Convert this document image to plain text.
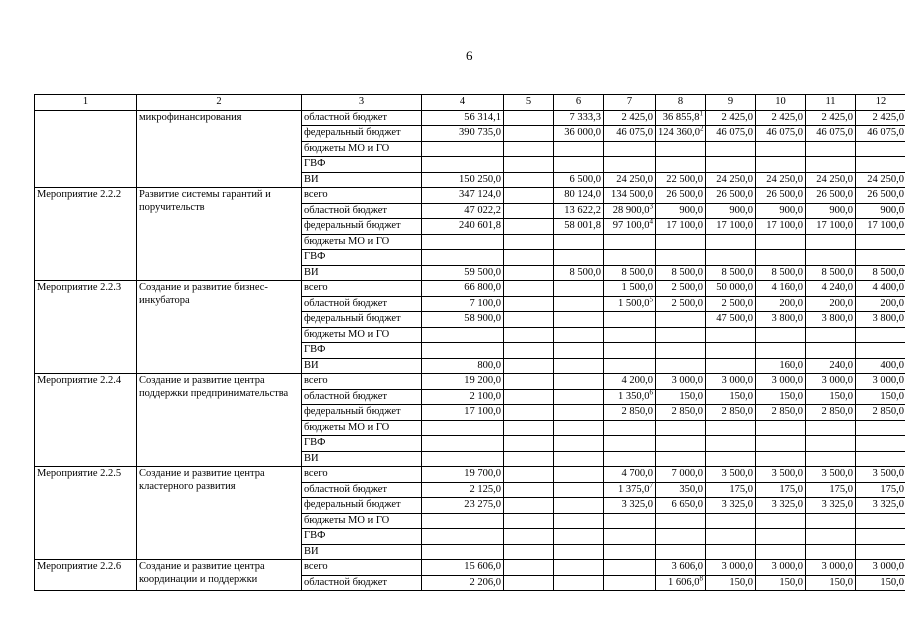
6
1	2	3	4	5	6	7	8	9	10	11	12
	микрофинансирования	областной бюджет	56 314,1		7 333,3	2 425,0	36 855,8$^1$	2 425,0	2 425,0	2 425,0	2 425,0
		федеральный бюджет	390 735,0		36 000,0	46 075,0	124 360,0$^2$	46 075,0	46 075,0	46 075,0	46 075,0
		бюджеты МО и ГО									
		ГВФ									
		ВИ	150 250,0		6 500,0	24 250,0	22 500,0	24 250,0	24 250,0	24 250,0	24 250,0
Мероприятие 2.2.2	Развитие системы гарантий и поручительств	всего	347 124,0		80 124,0	134 500,0	26 500,0	26 500,0	26 500,0	26 500,0	26 500,0
		областной бюджет	47 022,2		13 622,2	28 900,0$^3$	900,0	900,0	900,0	900,0	900,0
		федеральный бюджет	240 601,8		58 001,8	97 100,0$^4$	17 100,0	17 100,0	17 100,0	17 100,0	17 100,0
		бюджеты МО и ГО									
		ГВФ									
		ВИ	59 500,0		8 500,0	8 500,0	8 500,0	8 500,0	8 500,0	8 500,0	8 500,0
Мероприятие 2.2.3	Создание и развитие бизнес-инкубатора	всего	66 800,0			1 500,0	2 500,0	50 000,0	4 160,0	4 240,0	4 400,0
		областной бюджет	7 100,0			1 500,0$^5$	2 500,0	2 500,0	200,0	200,0	200,0
		федеральный бюджет	58 900,0					47 500,0	3 800,0	3 800,0	3 800,0
		бюджеты МО и ГО									
		ГВФ									
		ВИ	800,0						160,0	240,0	400,0
Мероприятие 2.2.4	Создание и развитие центра поддержки предпринимательства	всего	19 200,0			4 200,0	3 000,0	3 000,0	3 000,0	3 000,0	3 000,0
		областной бюджет	2 100,0			1 350,0$^6$	150,0	150,0	150,0	150,0	150,0
		федеральный бюджет	17 100,0			2 850,0	2 850,0	2 850,0	2 850,0	2 850,0	2 850,0
		бюджеты МО и ГО									
		ГВФ									
		ВИ									
Мероприятие 2.2.5	Создание и развитие центра кластерного развития	всего	19 700,0			4 700,0	7 000,0	3 500,0	3 500,0	3 500,0	3 500,0
		областной бюджет	2 125,0			1 375,0$^7$	350,0	175,0	175,0	175,0	175,0
		федеральный бюджет	23 275,0			3 325,0	6 650,0	3 325,0	3 325,0	3 325,0	3 325,0
		бюджеты МО и ГО									
		ГВФ									
		ВИ									
Мероприятие 2.2.6	Создание и развитие центра координации и поддержки	всего	15 606,0				3 606,0	3 000,0	3 000,0	3 000,0	3 000,0
		областной бюджет	2 206,0				1 606,0$^8$	150,0	150,0	150,0	150,0
